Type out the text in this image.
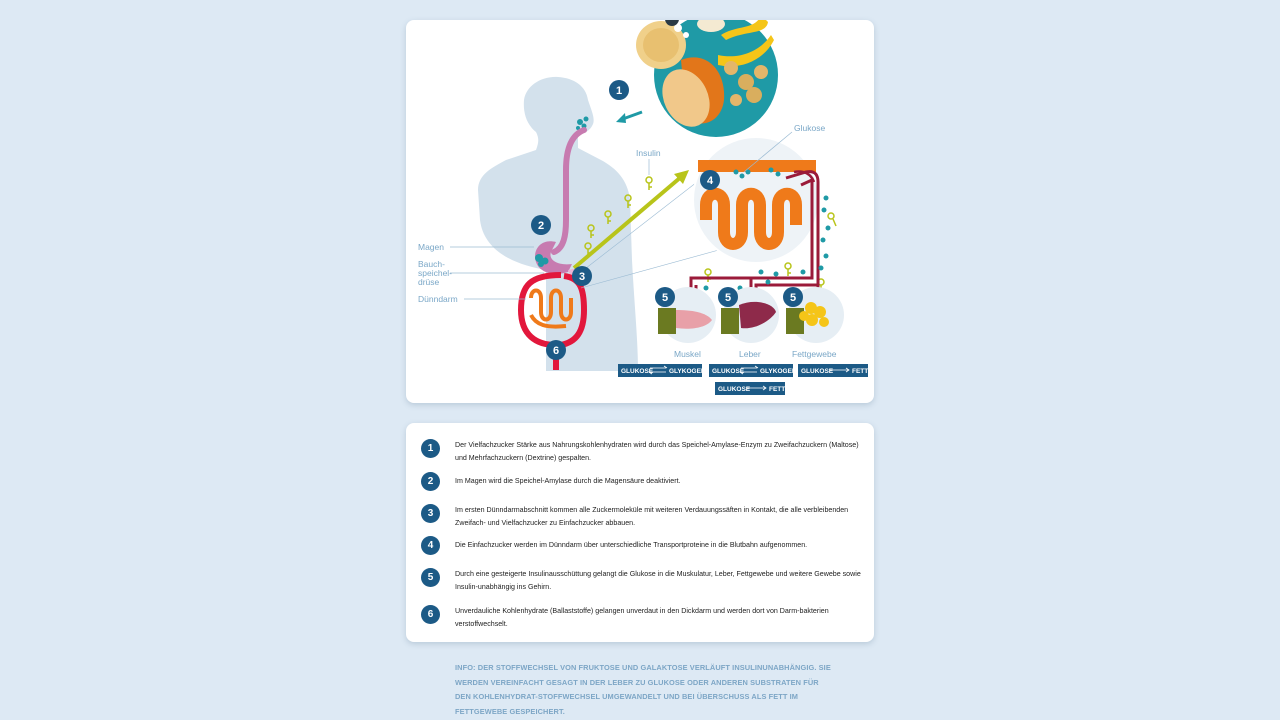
1
2
3
4
5	5	5
6
Magen
Bauch-
speichel-
drüse
Dünndarm
Insulin
Glukose
Muskel	Leber	Fettgewebe
GLUKOSE GLYKOGEN GLUKOSE GLYKOGEN GLUKOSE	FETT
GLUKOSE	FETT
1	Der Vielfachzucker Stärke aus Nahrungskohlenhydraten wird durch das Speichel-Amylase-Enzym zu Zweifachzuckern (Maltose) und Mehrfachzuckern (Dextrine) gespalten.
2	Im Magen wird die Speichel-Amylase durch die Magensäure deaktiviert.
3	Im ersten Dünndarmabschnitt kommen alle Zuckermoleküle mit weiteren Verdauungssäften in Kontakt, die alle verbleibenden Zweifach- und Vielfachzucker zu Einfachzucker abbauen.
4	Die Einfachzucker werden im Dünndarm über unterschiedliche Transportproteine in die Blutbahn aufgenommen.
5	Durch eine gesteigerte Insulinausschüttung gelangt die Glukose in die Muskulatur, Leber, Fettgewebe und weitere Gewebe sowie Insulin-unabhängig ins Gehirn.
6	Unverdauliche Kohlenhydrate (Ballaststoffe) gelangen unverdaut in den Dickdarm und werden dort von Darm-bakterien verstoffwechselt.
INFO: DER STOFFWECHSEL VON FRUKTOSE UND GALAKTOSE VERLÄUFT INSULINUNABHÄNGIG. SIE WERDEN VEREINFACHT GESAGT IN DER LEBER ZU GLUKOSE ODER ANDEREN SUBSTRATEN FÜR DEN KOHLENHYDRAT-STOFFWECHSEL UMGEWANDELT UND BEI ÜBERSCHUSS ALS FETT IM FETTGEWEBE GESPEICHERT.
